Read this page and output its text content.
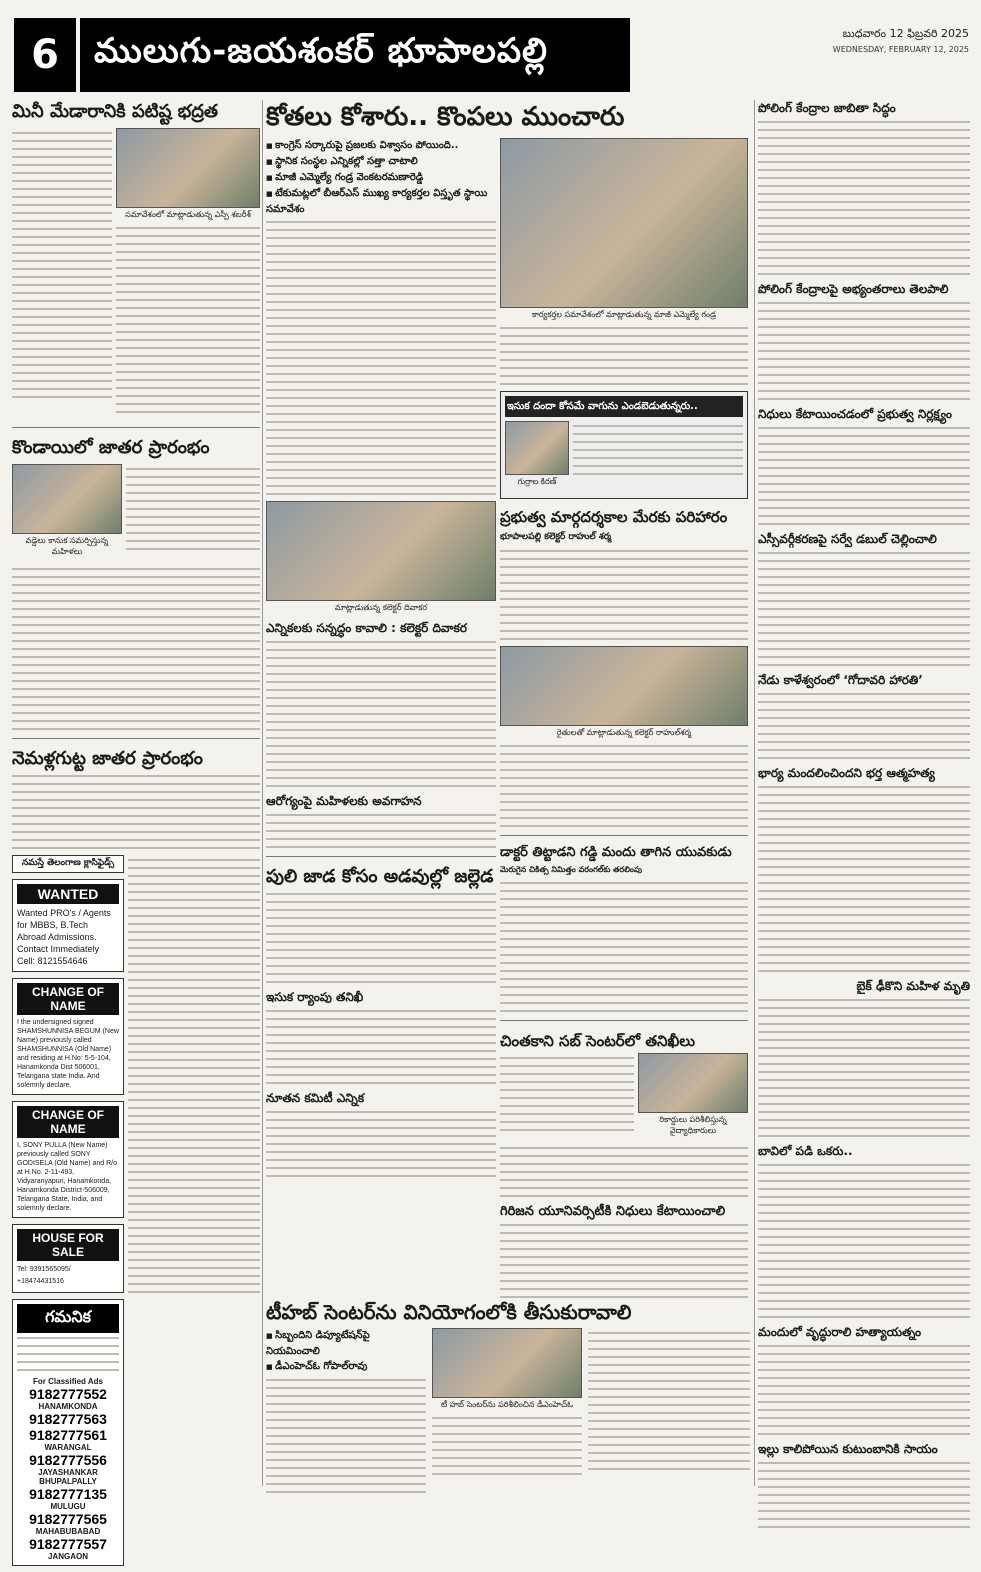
6	ములుగు-జయశంకర్ భూపాలపల్లి	బుధవారం 12 ఫిబ్రవరి 2025
WEDNESDAY, FEBRUARY 12, 2025
మినీ మేడారానికి పటిష్ట భద్రత
సమావేశంలో మాట్లాడుతున్న ఎస్పీ శబరీశ్
కొండాయిలో జాతర ప్రారంభం
వడ్డెలు కానుక సమర్పిస్తున్న మహిళలు
నెమళ్లగుట్ట జాతర ప్రారంభం
నమస్తే తెలంగాణ క్లాసిఫైడ్స్
WANTED
Wanted PRO's / Agents for MBBS, B.Tech Abroad Admissions. Contact Immediately Cell: 8121554646
CHANGE OF NAME
I the undersigned signed SHAMSHUNNISA BEGUM (New Name) previously called SHAMSHUNNISA (Old Name) and residing at H.No: 5-5-104, Hanamkonda Dist 506001, Telangana state India. And solemnly declare.
CHANGE OF NAME
I, SONY PULLA (New Name) previously called SONY GODISELA (Old Name) and R/o at H.No. 2-11-493, Vidyaranyapuri, Hanamkonda, Hanamkonda District-506009, Telangana State, India, and solemnly declare.
HOUSE FOR SALE
Tel: 9391565095/ +18474431516
గమనిక
For Classified Ads
9182777552
HANAMKONDA
9182777563
9182777561
WARANGAL
9182777556
JAYASHANKAR BHUPALPALLY
9182777135
MULUGU
9182777565
MAHABUBABAD
9182777557
JANGAON
కోతలు కోశారు.. కొంపలు ముంచారు
■ కాంగ్రెస్‌ సర్కారుపై ప్రజలకు విశ్వాసం పోయింది..
■ స్థానిక సంస్థల ఎన్నికల్లో సత్తా చాటాలి
■ మాజీ ఎమ్మెల్యే గండ్ర వెంకటరమణారెడ్డి
■ టేకుమట్లలో బీఆర్‌ఎస్‌ ముఖ్య కార్యకర్తల విస్తృత స్థాయి సమావేశం
మాట్లాడుతున్న కలెక్టర్‌ దివాకర
ఎన్నికలకు సన్నద్ధం కావాలి : కలెక్టర్‌ దివాకర
ఆరోగ్యంపై మహిళలకు అవగాహన
పులి జాడ కోసం అడవుల్లో జల్లెడ
ఇసుక ర్యాంపు తనిఖీ
నూతన కమిటీ ఎన్నిక
కార్యకర్తల సమావేశంలో మాట్లాడుతున్న మాజీ ఎమ్మెల్యే గండ్ర
ఇసుక దందా కోసమే వాగును ఎండబెడుతున్నరు..
గుర్రాల కిరణ్
ప్రభుత్వ మార్గదర్శకాల మేరకు పరిహారం
భూపాలపల్లి కలెక్టర్‌ రాహుల్‌ శర్మ
రైతులతో మాట్లాడుతున్న కలెక్టర్‌ రాహుల్‌శర్మ
డాక్టర్‌ తిట్టాడని గడ్డి మందు తాగిన యువకుడు
మెరుగైన చికిత్స నిమిత్తం వరంగల్‌కు తరలింపు
చింతకాని సబ్‌ సెంటర్‌లో తనిఖీలు
రికార్డులు పరిశీలిస్తున్న వైద్యాధికారులు
గిరిజన యూనివర్సిటీకి నిధులు కేటాయించాలి
టీహబ్‌ సెంటర్‌ను వినియోగంలోకి తీసుకురావాలి
■ సిబ్బందిని డిప్యూటేషన్‌పై నియమించాలి
■ డీఎంహెచ్‌ఓ గోపాల్‌రావు
టీ హబ్‌ సెంటర్‌ను పరిశీలించిన డీఎంహెచ్‌ఓ
పోలింగ్‌ కేంద్రాల జాబితా సిద్ధం
పోలింగ్‌ కేంద్రాలపై అభ్యంతరాలు తెలపాలి
నిధులు కేటాయించడంలో ప్రభుత్వ నిర్లక్ష్యం
ఎస్సీవర్గీకరణపై సర్వే డబుల్‌ చెల్లించాలి
నేడు కాళేశ్వరంలో ‘గోదావరి హారతి’
భార్య మందలించిందని భర్త ఆత్మహత్య
బైక్‌ ఢీకొని మహిళ మృతి
బావిలో పడి ఒకరు..
మందులో వృద్ధురాలి హత్యాయత్నం
ఇల్లు కాలిపోయిన కుటుంబానికి సాయం
